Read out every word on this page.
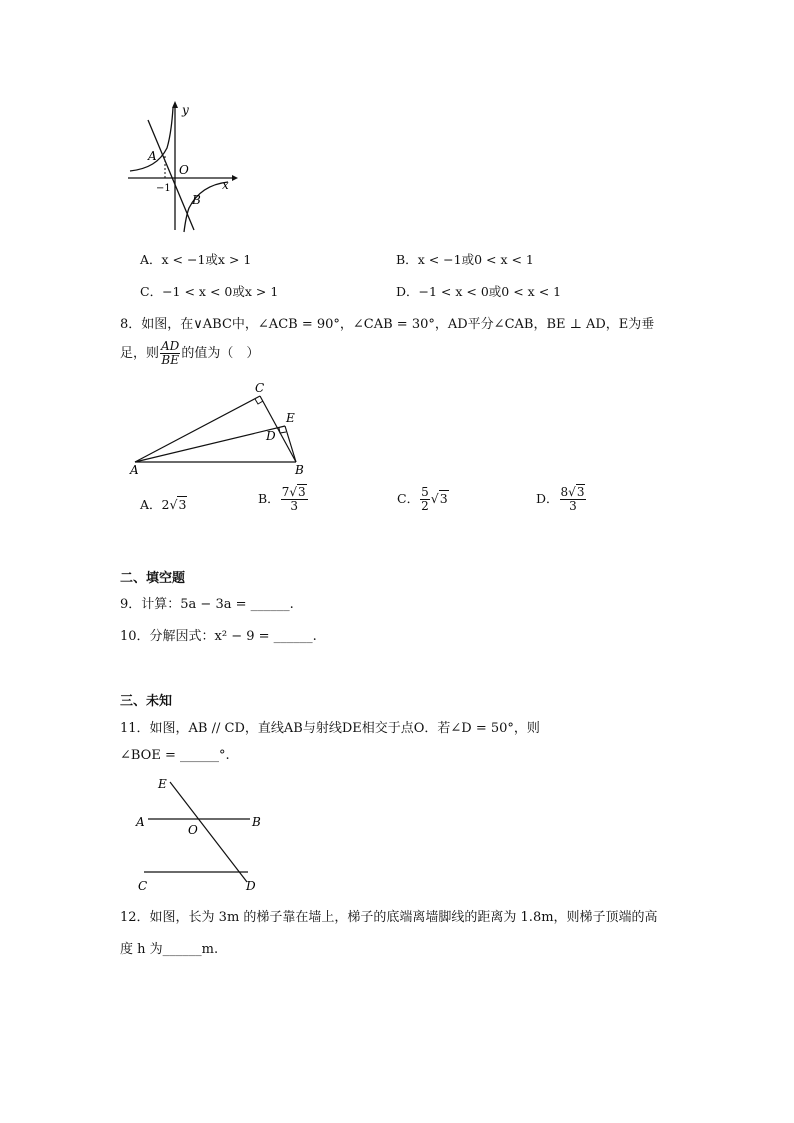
y
x
O
A
B
−1
A．x < −1或x > 1	B．x < −1或0 < x < 1
C．−1 < x < 0或x > 1	D．−1 < x < 0或0 < x < 1
8．如图，在∨ABC中，∠ACB = 90°，∠CAB = 30°，AD平分∠CAB，BE ⊥ AD，E为垂
足，则 $\frac{AD}{BE}$ 的值为（　）
A	B
C
D
E
A．2√3	B． $\frac{7√3}{3}$	C． $\frac{5}{2} √3$	D． $\frac{8√3}{3}$
二、填空题
9．计算：5a − 3a = ______.
10．分解因式：x² − 9 = ______.
三、未知
11．如图，AB // CD，直线AB与射线DE相交于点O．若∠D = 50°，则
∠BOE = ______°.
E
A
O
B
C	D
12．如图，长为 3m 的梯子靠在墙上，梯子的底端离墙脚线的距离为 1.8m，则梯子顶端的高
度 h 为______m.
